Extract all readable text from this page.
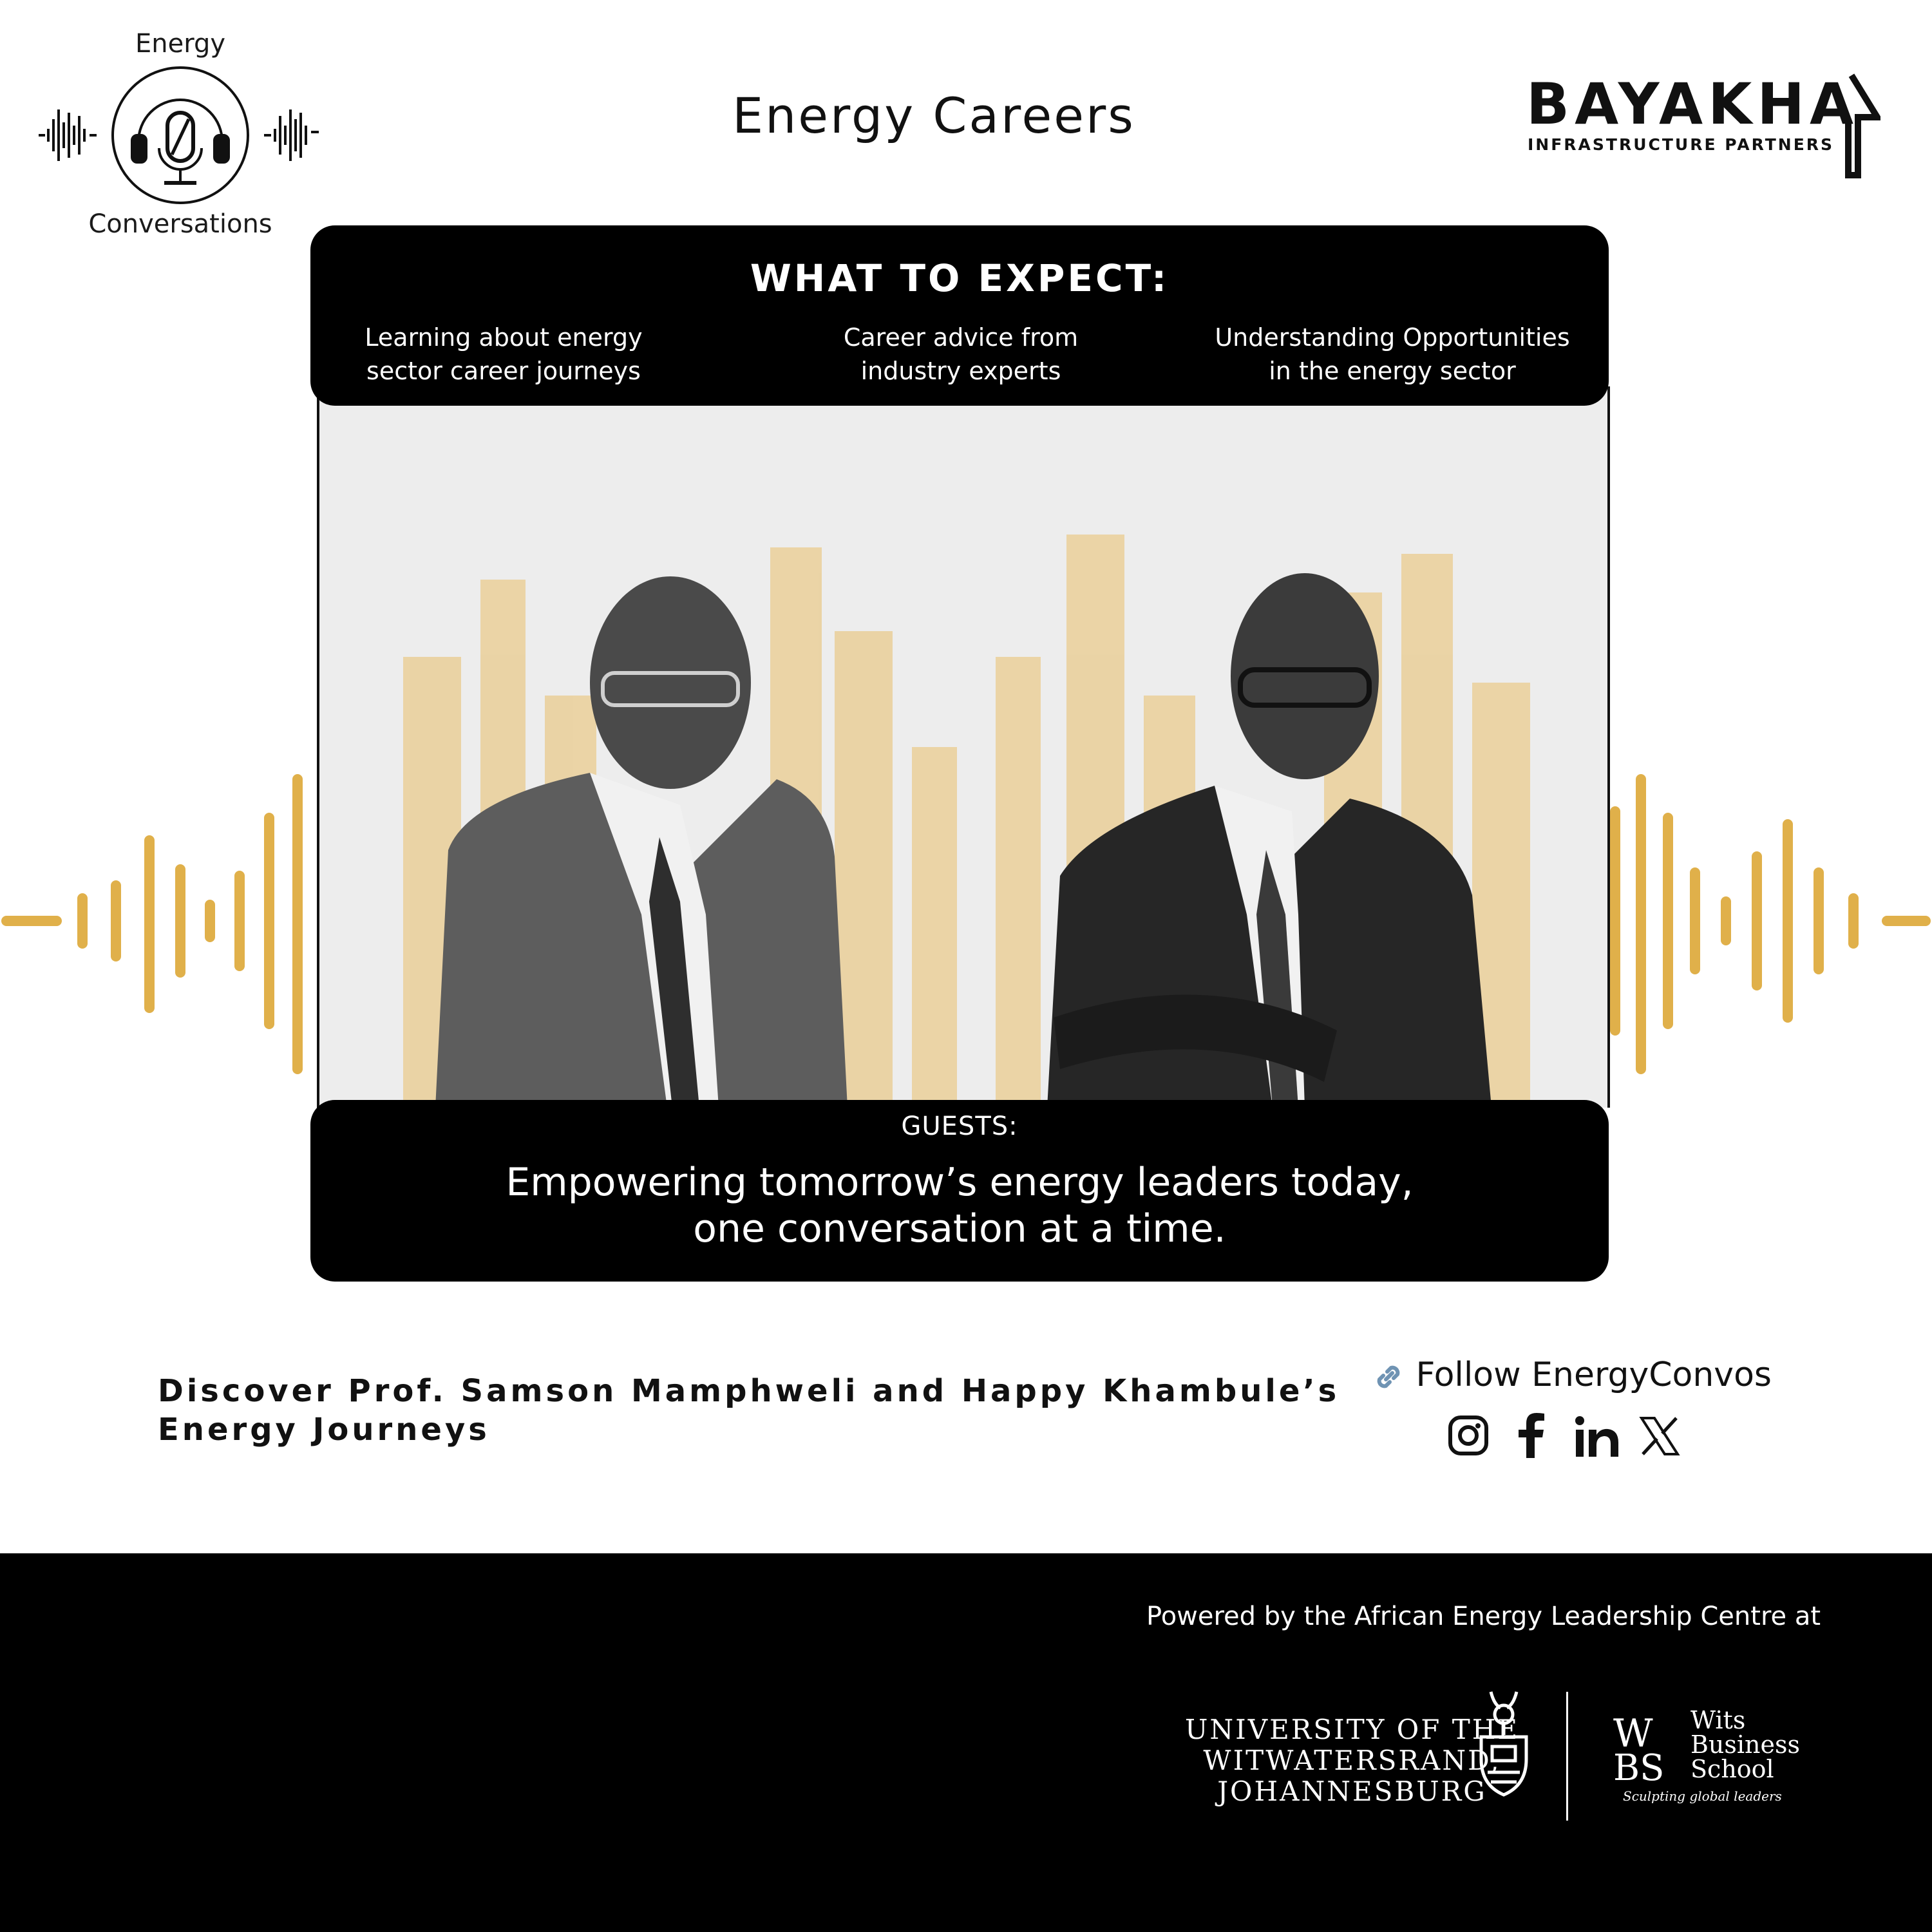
Energy
Conversations
Energy Careers	BAYAKHA
INFRASTRUCTURE PARTNERS
WHAT TO EXPECT:
Learning about energy
sector career journeys
Career advice from
industry experts
Understanding Opportunities
in the energy sector
GUESTS:
Empowering tomorrow’s energy leaders today,
one conversation at a time.
Discover Prof. Samson Mamphweli and Happy Khambule’s
Energy Journeys
Follow EnergyConvos
Powered by the African Energy Leadership Centre at
UNIVERSITY OF THE
WITWATERSRAND,
JOHANNESBURG
W
BS
Wits
Business
School
Sculpting global leaders
